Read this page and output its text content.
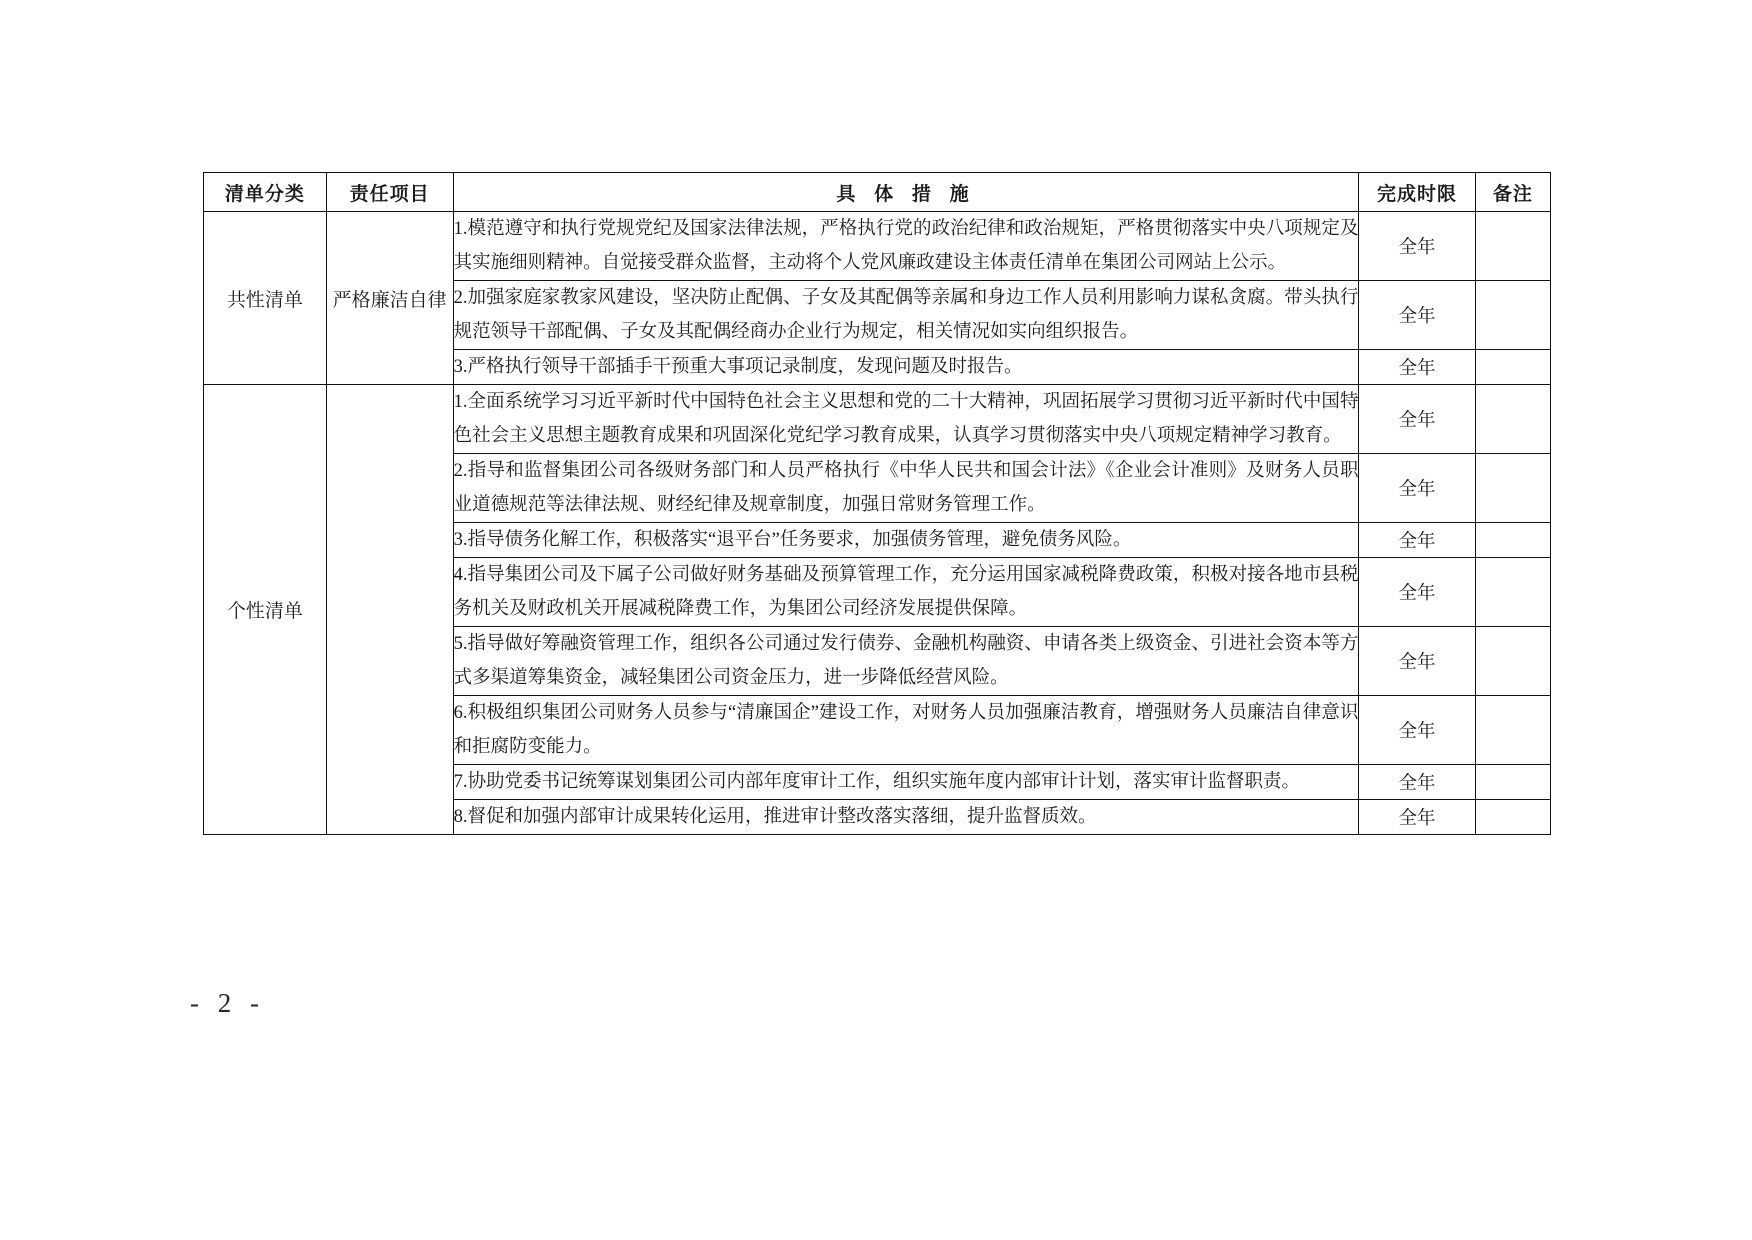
清单分类	责任项目	具 体 措 施	完成时限	备注
共性清单	严格廉洁自律	1.模范遵守和执行党规党纪及国家法律法规，严格执行党的政治纪律和政治规矩，严格贯彻落实中央八项规定及其实施细则精神。自觉接受群众监督，主动将个人党风廉政建设主体责任清单在集团公司网站上公示。	全年	
		2.加强家庭家教家风建设，坚决防止配偶、子女及其配偶等亲属和身边工作人员利用影响力谋私贪腐。带头执行规范领导干部配偶、子女及其配偶经商办企业行为规定，相关情况如实向组织报告。	全年	
		3.严格执行领导干部插手干预重大事项记录制度，发现问题及时报告。	全年	
个性清单		1.全面系统学习习近平新时代中国特色社会主义思想和党的二十大精神，巩固拓展学习贯彻习近平新时代中国特色社会主义思想主题教育成果和巩固深化党纪学习教育成果，认真学习贯彻落实中央八项规定精神学习教育。	全年	
		2.指导和监督集团公司各级财务部门和人员严格执行《中华人民共和国会计法》《企业会计准则》及财务人员职业道德规范等法律法规、财经纪律及规章制度，加强日常财务管理工作。	全年	
		3.指导债务化解工作，积极落实“退平台”任务要求，加强债务管理，避免债务风险。	全年	
		4.指导集团公司及下属子公司做好财务基础及预算管理工作，充分运用国家减税降费政策，积极对接各地市县税务机关及财政机关开展减税降费工作，为集团公司经济发展提供保障。	全年	
		5.指导做好筹融资管理工作，组织各公司通过发行债券、金融机构融资、申请各类上级资金、引进社会资本等方式多渠道筹集资金，减轻集团公司资金压力，进一步降低经营风险。	全年	
		6.积极组织集团公司财务人员参与“清廉国企”建设工作，对财务人员加强廉洁教育，增强财务人员廉洁自律意识和拒腐防变能力。	全年	
		7.协助党委书记统筹谋划集团公司内部年度审计工作，组织实施年度内部审计计划，落实审计监督职责。	全年	
		8.督促和加强内部审计成果转化运用，推进审计整改落实落细，提升监督质效。	全年	
- 2 -
